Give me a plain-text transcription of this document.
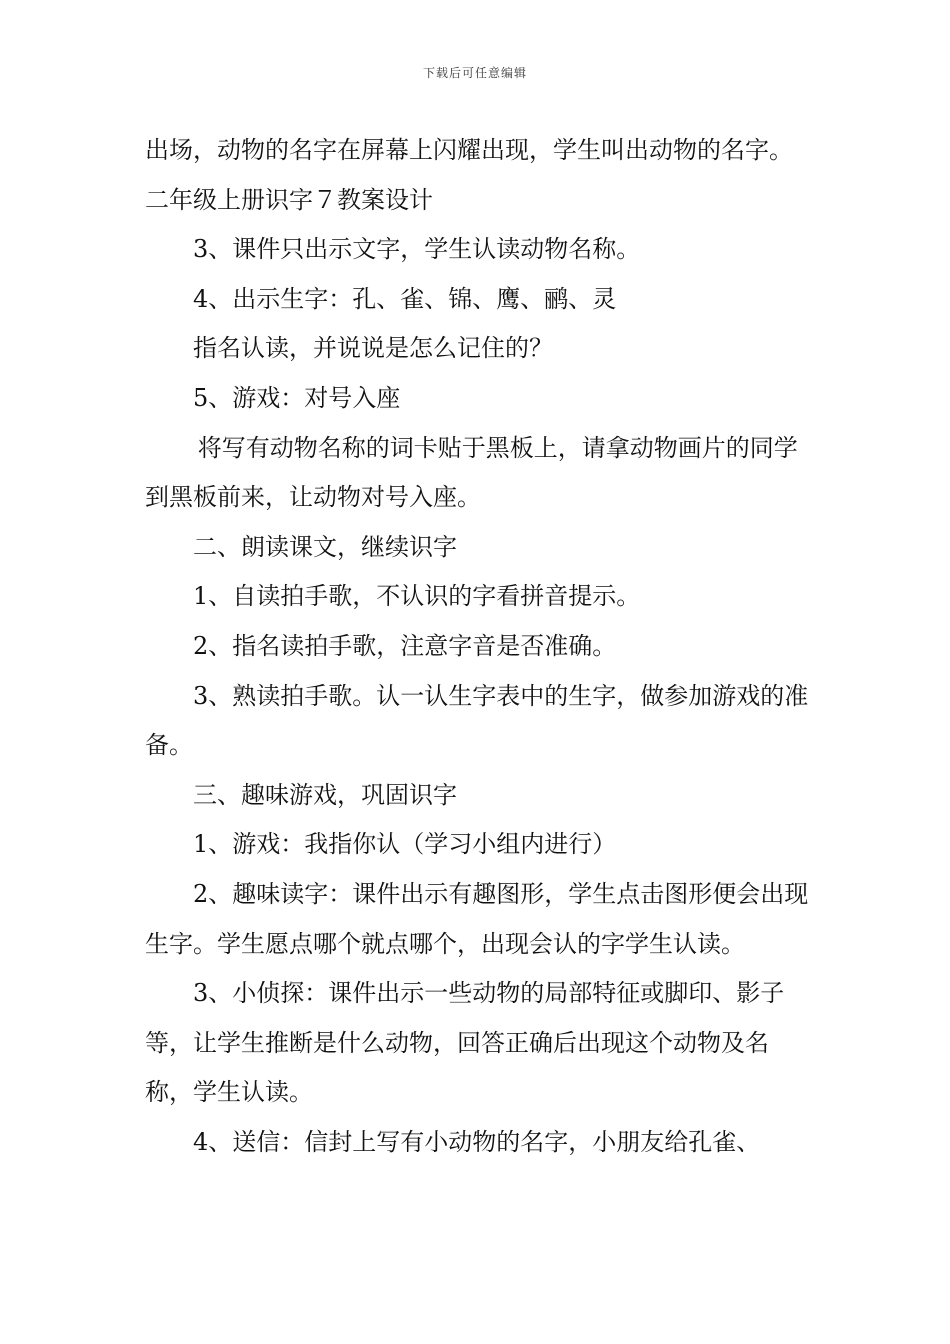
下载后可任意编辑

出场，动物的名字在屏幕上闪耀出现，学生叫出动物的名字。二年级上册识字７教案设计

3、课件只出示文字，学生认读动物名称。

4、出示生字：孔、雀、锦、鹰、鹂、灵

指名认读，并说说是怎么记住的？

5、游戏：对号入座

将写有动物名称的词卡贴于黑板上，请拿动物画片的同学到黑板前来，让动物对号入座。

二、朗读课文，继续识字

1、自读拍手歌，不认识的字看拼音提示。

2、指名读拍手歌，注意字音是否准确。

3、熟读拍手歌。认一认生字表中的生字，做参加游戏的准备。

三、趣味游戏，巩固识字

1、游戏：我指你认（学习小组内进行）

2、趣味读字：课件出示有趣图形，学生点击图形便会出现生字。学生愿点哪个就点哪个，出现会认的字学生认读。

3、小侦探：课件出示一些动物的局部特征或脚印、影子等，让学生推断是什么动物，回答正确后出现这个动物及名称，学生认读。

4、送信：信封上写有小动物的名字，小朋友给孔雀、
